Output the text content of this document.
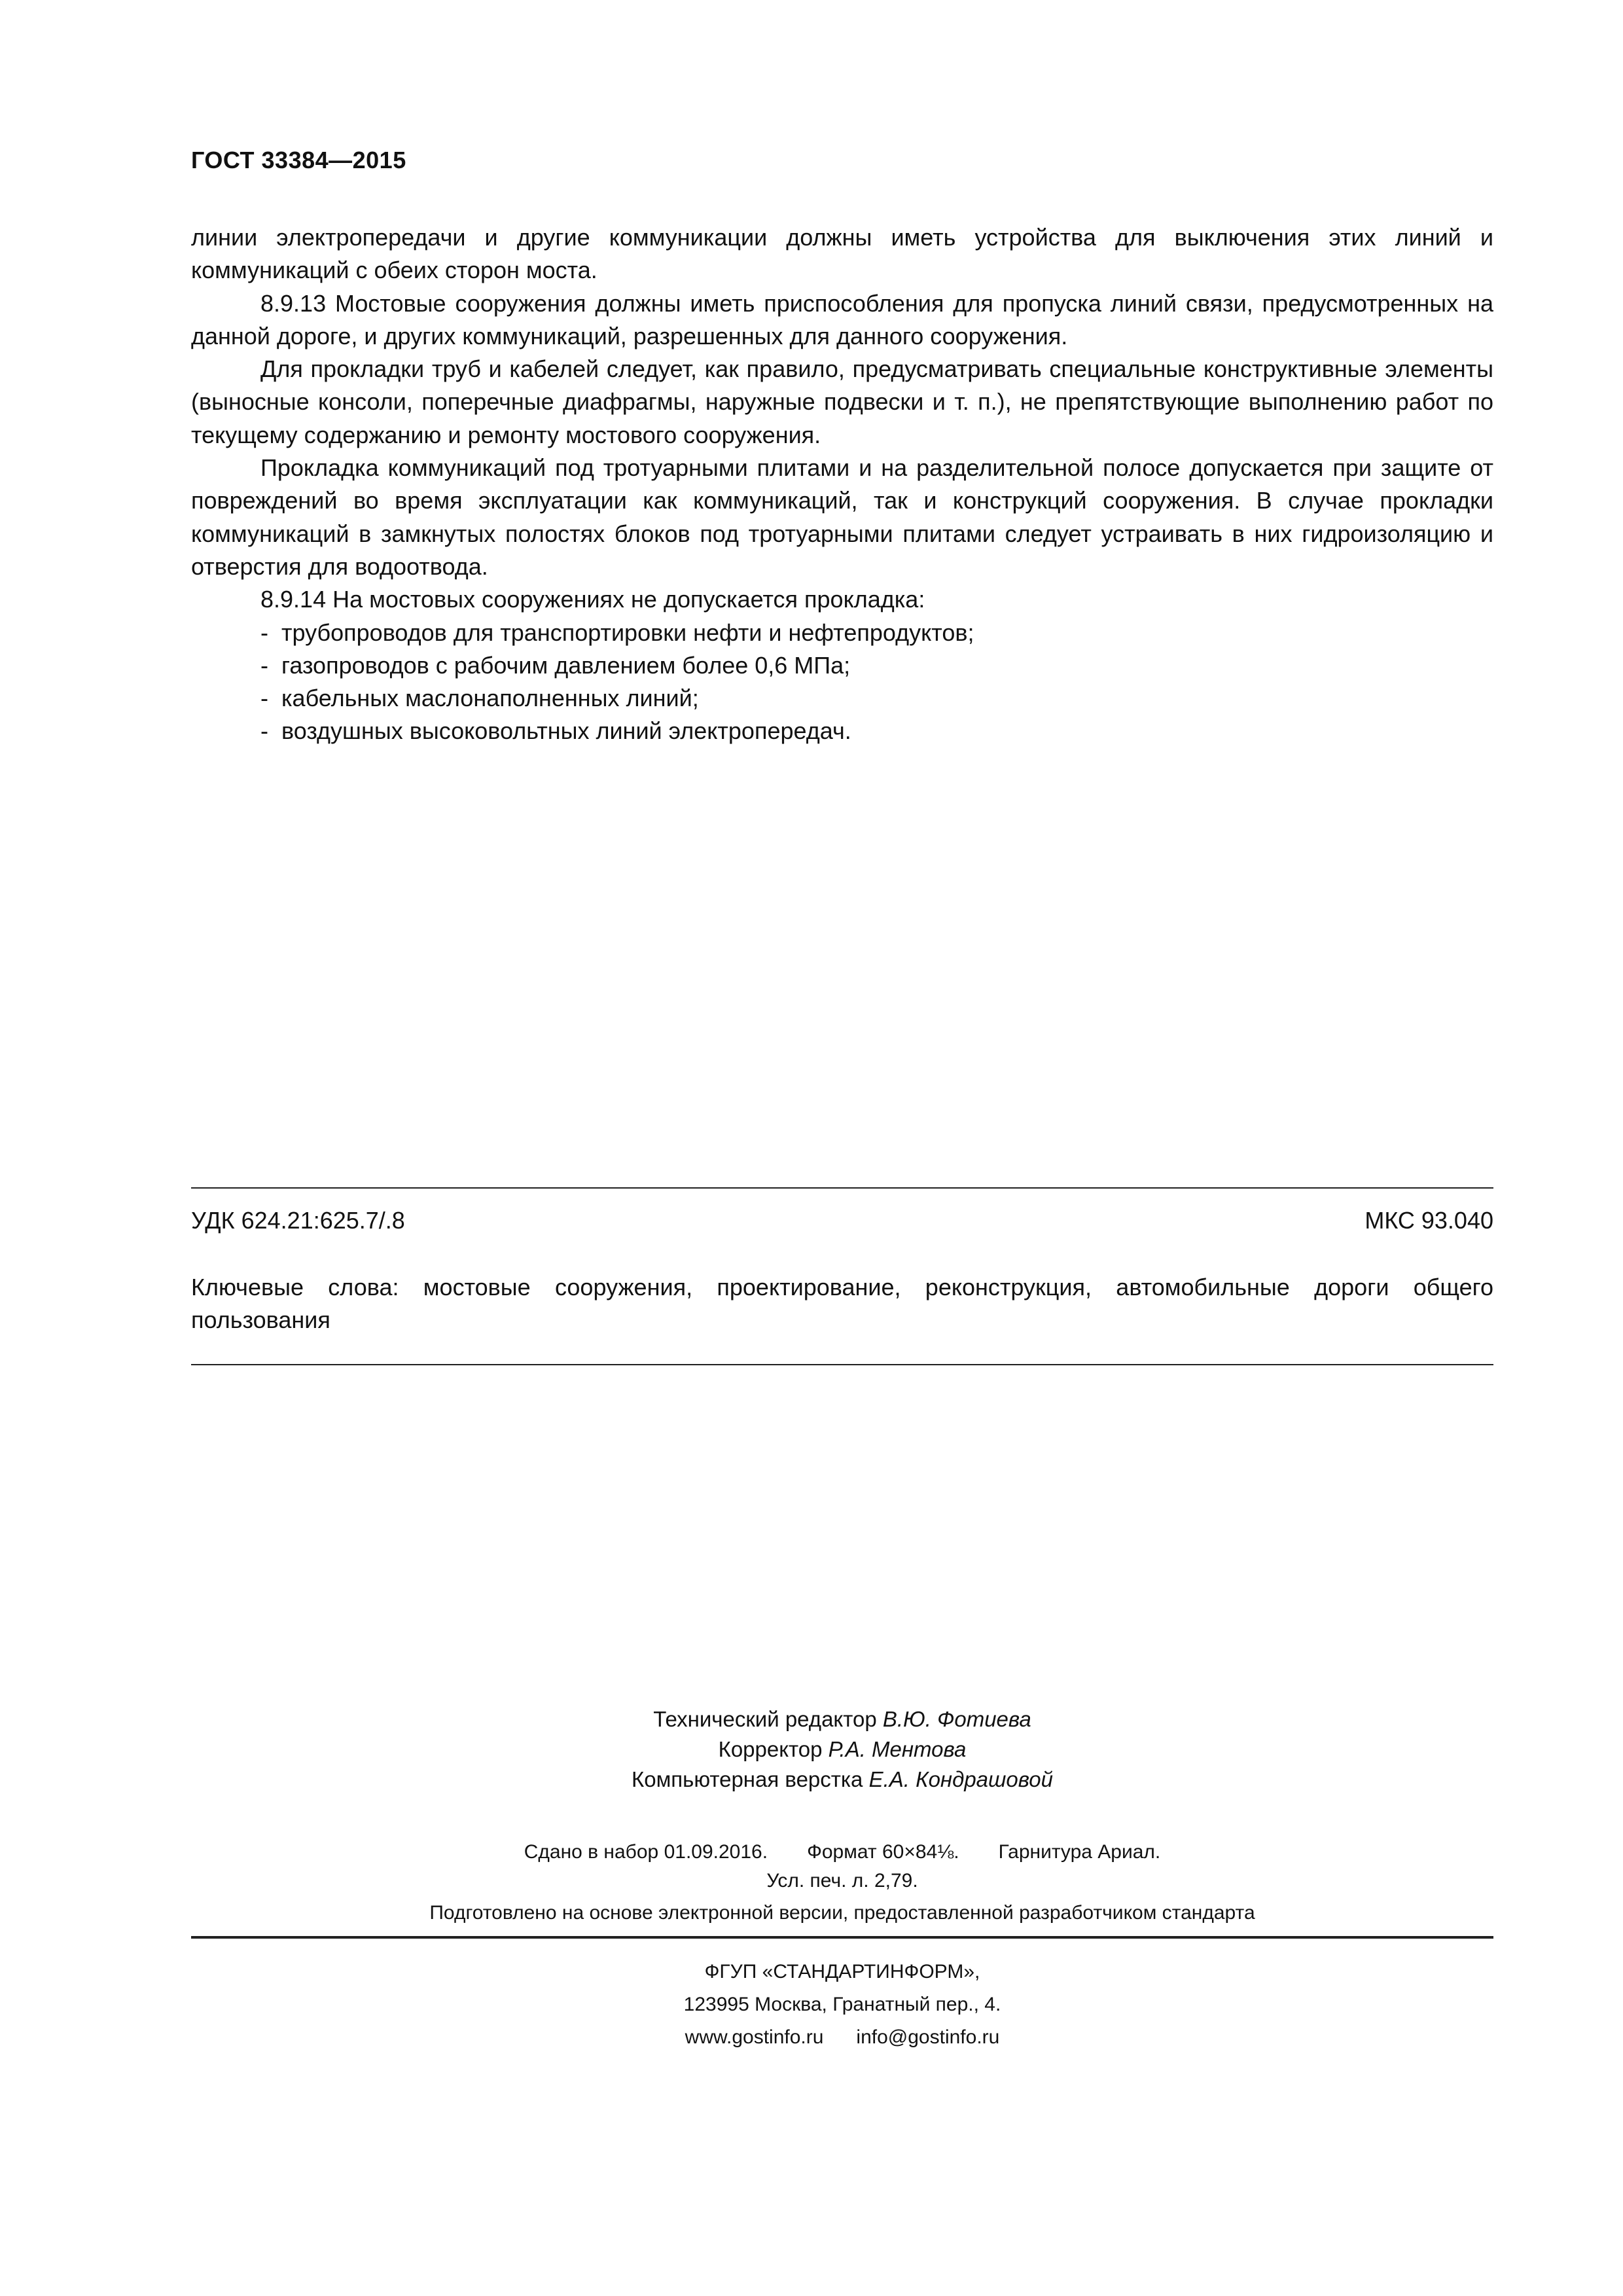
ГОСТ 33384—2015

линии электропередачи и другие коммуникации должны иметь устройства для выключения этих линий и коммуникаций с обеих сторон моста.

8.9.13 Мостовые сооружения должны иметь приспособления для пропуска линий связи, предусмотренных на данной дороге, и других коммуникаций, разрешенных для данного сооружения.

Для прокладки труб и кабелей следует, как правило, предусматривать специальные конструктивные элементы (выносные консоли, поперечные диафрагмы, наружные подвески и т. п.), не препятствующие выполнению работ по текущему содержанию и ремонту мостового сооружения.

Прокладка коммуникаций под тротуарными плитами и на разделительной полосе допускается при защите от повреждений во время эксплуатации как коммуникаций, так и конструкций сооружения. В случае прокладки коммуникаций в замкнутых полостях блоков под тротуарными плитами следует устраивать в них гидроизоляцию и отверстия для водоотвода.

8.9.14 На мостовых сооружениях не допускается прокладка:

- трубопроводов для транспортировки нефти и нефтепродуктов;
- газопроводов с рабочим давлением более 0,6 МПа;
- кабельных маслонаполненных линий;
- воздушных высоковольтных линий электропередач.
УДК 624.21:625.7/.8	МКС 93.040

Ключевые слова: мостовые сооружения, проектирование, реконструкция, автомобильные дороги общего пользования

Технический редактор В.Ю. Фотиева
Корректор Р.А. Ментова
Компьютерная верстка Е.А. Кондрашовой
Сдано в набор 01.09.2016. Формат 60×84⅛. Гарнитура Ариал.
Усл. печ. л. 2,79.
Подготовлено на основе электронной версии, предоставленной разработчиком стандарта
ФГУП «СТАНДАРТИНФОРМ»,
123995 Москва, Гранатный пер., 4.
www.gostinfo.ru info@gostinfo.ru
